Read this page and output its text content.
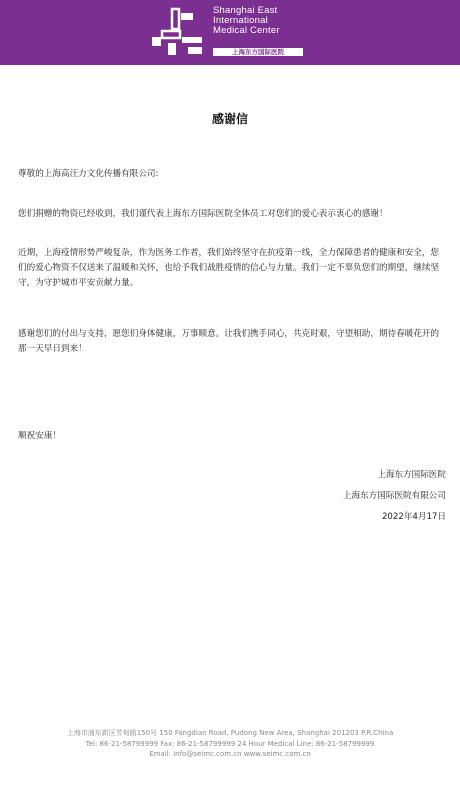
Shanghai East
International
Medical Center
上海东方国际医院
感谢信
尊敬的上海高汪力文化传播有限公司:
您们捐赠的物资已经收到，我们谨代表上海东方国际医院全体员工对您们的爱心表示衷心的感谢！
近期，上海疫情形势严峻复杂，作为医务工作者，我们始终坚守在抗疫第一线，全力保障患者的健康和安全，您们的爱心物资不仅送来了温暖和关怀，也给予我们战胜疫情的信心与力量。我们一定不辜负您们的期望，继续坚守，为守护城市平安贡献力量。
感谢您们的付出与支持，愿您们身体健康，万事顺意。让我们携手同心，共克时艰，守望相助，期待春暖花开的那一天早日到来！
顺祝安康！
上海东方国际医院
上海东方国际医院有限公司
2022年4月17日
上海市浦东新区芳甸路150号 150 Fangdian Road, Pudong New Area, Shanghai 201203 P.R.China
Tel: 86-21-58799999 Fax: 86-21-58799999 24 Hour Medical Line: 86-21-58799999
Email: info@seimc.com.cn www.seimc.com.cn
